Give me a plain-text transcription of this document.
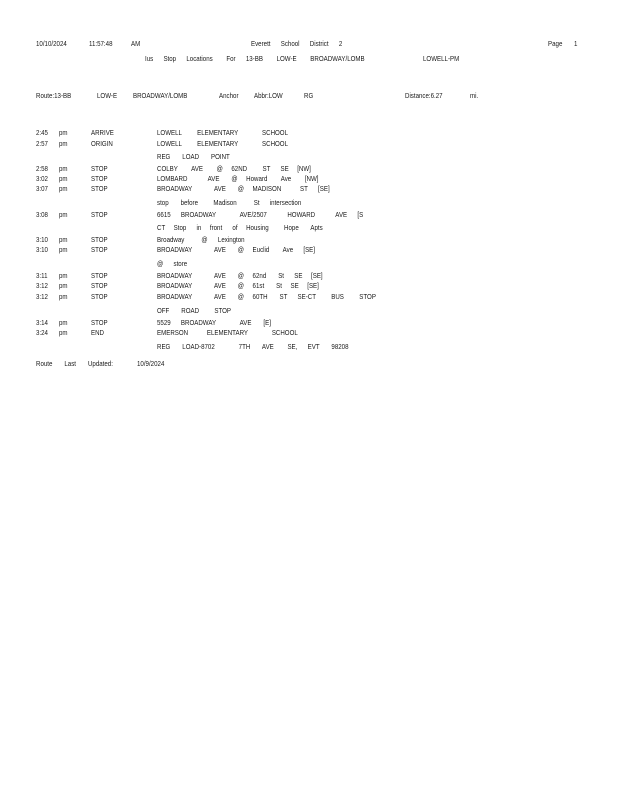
10/10/2024	11:57:48	AM	Everett      School      District      2	Page	1
Ius      Stop      Locations        For      13-BB        LOW-E        BROADWAY/LOMB	LOWELL-PM
Route:13-BB	LOW-E	BROADWAY/LOMB	Anchor	Abbr:LOW	RG	Distance:6.27	mi.
2:45 pm	ARRIVE	LOWELL         ELEMENTARY              SCHOOL
2:57 pm	ORIGIN	LOWELL         ELEMENTARY              SCHOOL
REG       LOAD       POINT
2:58 pm	STOP	COLBY        AVE        @     62ND         ST      SE     [NW]
3:02 pm	STOP	LOMBARD            AVE       @     Howard        Ave        [NW]
3:07 pm	STOP	BROADWAY             AVE       @     MADISON           ST      [SE]
stop       before         Madison          St      intersection
3:08 pm	STOP	6615      BROADWAY              AVE/2507            HOWARD            AVE      [S
CT     Stop      in     front      of     Housing         Hope       Apts
3:10 pm	STOP	Broadway          @      Lexington
3:10 pm	STOP	BROADWAY             AVE       @     Euclid        Ave      [SE]
@      store
3:11 pm	STOP	BROADWAY             AVE       @     62nd       St      SE     [SE]
3:12 pm	STOP	BROADWAY             AVE       @     61st       St     SE     [SE]
3:12 pm	STOP	BROADWAY             AVE       @     60TH       ST      SE-CT         BUS         STOP
OFF       ROAD         STOP
3:14 pm	STOP	5529      BROADWAY              AVE       [E]
3:24 pm	END	EMERSON           ELEMENTARY              SCHOOL
REG       LOAD-8702              7TH       AVE        SE,      EVT       98208
Route       Last       Updated:	10/9/2024
